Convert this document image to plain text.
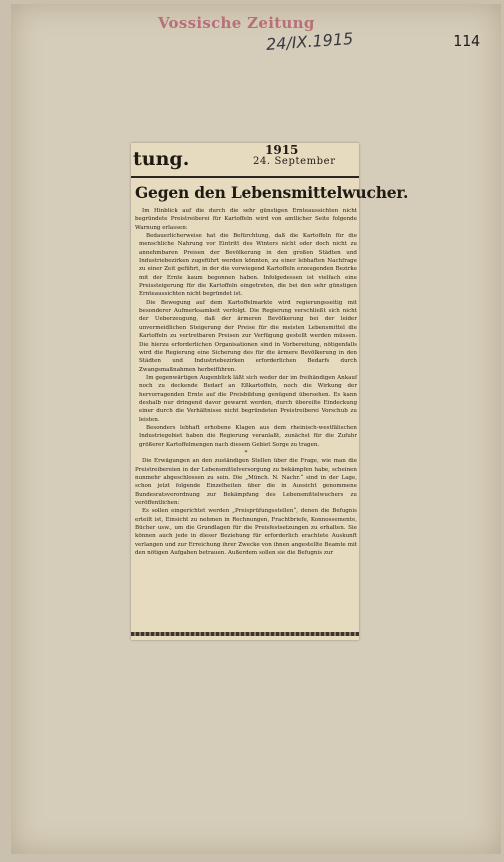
Vossische Zeitung
24/IX.1915	114
tung.	1915
24. September
Gegen den Lebensmittelwucher.

Im Hinblick auf die durch die sehr günstigen Ernteaussichten nicht begründete Preistreiberei für Kartoffeln wird von amtlicher Seite folgende Warnung erlassen:

Bedauerlicherweise hat die Befürchtung, daß die Kartoffeln für die menschliche Nahrung vor Eintritt des Winters nicht oder doch nicht zu annehmbaren Preisen der Bevölkerung in den großen Städten und Industriebezirken zugeführt werden könnten, zu einer lebhaften Nachfrage zu einer Zeit geführt, in der die vorwiegend Kartoffeln erzeugenden Bezirke mit der Ernte kaum begonnen haben. Infolgedessen ist vielfach eine Preissteigerung für die Kartoffeln eingetreten, die bei den sehr günstigen Ernteaussichten nicht begründet ist.

Die Bewegung auf dem Kartoffelmarkte wird regierungsseitig mit besonderer Aufmerksamkeit verfolgt. Die Regierung verschließt sich nicht der Ueberzeugung, daß der ärmeren Bevölkerung bei der leider unvermeidlichen Steigerung der Preise für die meisten Lebensmittel die Kartoffeln zu vertretbaren Preisen zur Verfügung gestellt werden müssen. Die hierzu erforderlichen Organisationen sind in Vorbereitung, nötigenfalls wird die Regierung eine Sicherung des für die ärmere Bevölkerung in den Städten und Industriebezirken erforderlichen Bedarfs durch Zwangsmaßnahmen herbeiführen.

Im gegenwärtigen Augenblick läßt sich weder der im freihändigen Ankauf noch zu deckende Bedarf an Eßkartoffeln, noch die Wirkung der hervorragenden Ernte auf die Preisbildung genügend übersehen. Es kann deshalb nur dringend davor gewarnt werden, durch übereilte Eindeckung einer durch die Verhältnisse nicht begründeten Preistreiberei Vorschub zu leisten.

Besonders lebhaft erhobene Klagen aus dem rheinisch-westfälischen Industriegebiet haben die Regierung veranlaßt, zunächst für die Zufuhr größerer Kartoffelmengen nach diesem Gebiet Sorge zu tragen.

*

Die Erwägungen an den zuständigen Stellen über die Frage, wie man die Preistreibereien in der Lebensmittelversorgung zu bekämpfen habe, scheinen nunmehr abgeschlossen zu sein. Die „Münch. N. Nachr.“ sind in der Lage, schon jetzt folgende Einzelheiten über die in Aussicht genommene Bundesratsverordnung zur Bekämpfung des Lebensmittelwuchers zu veröffentlichen:

Es sollen eingerichtet werden „Preisprüfungsstellen“, denen die Befugnis erteilt ist, Einsicht zu nehmen in Rechnungen, Frachtbriefe, Konnossemente, Bücher usw., um die Grundlagen für die Preisfestsetzungen zu erhalten. Sie können auch jede in dieser Beziehung für erforderlich erachtete Auskunft verlangen und zur Erreichung ihrer Zwecke von ihnen angestellte Beamte mit den nötigen Aufgaben betrauen. Außerdem sollen sie die Befugnis zur
